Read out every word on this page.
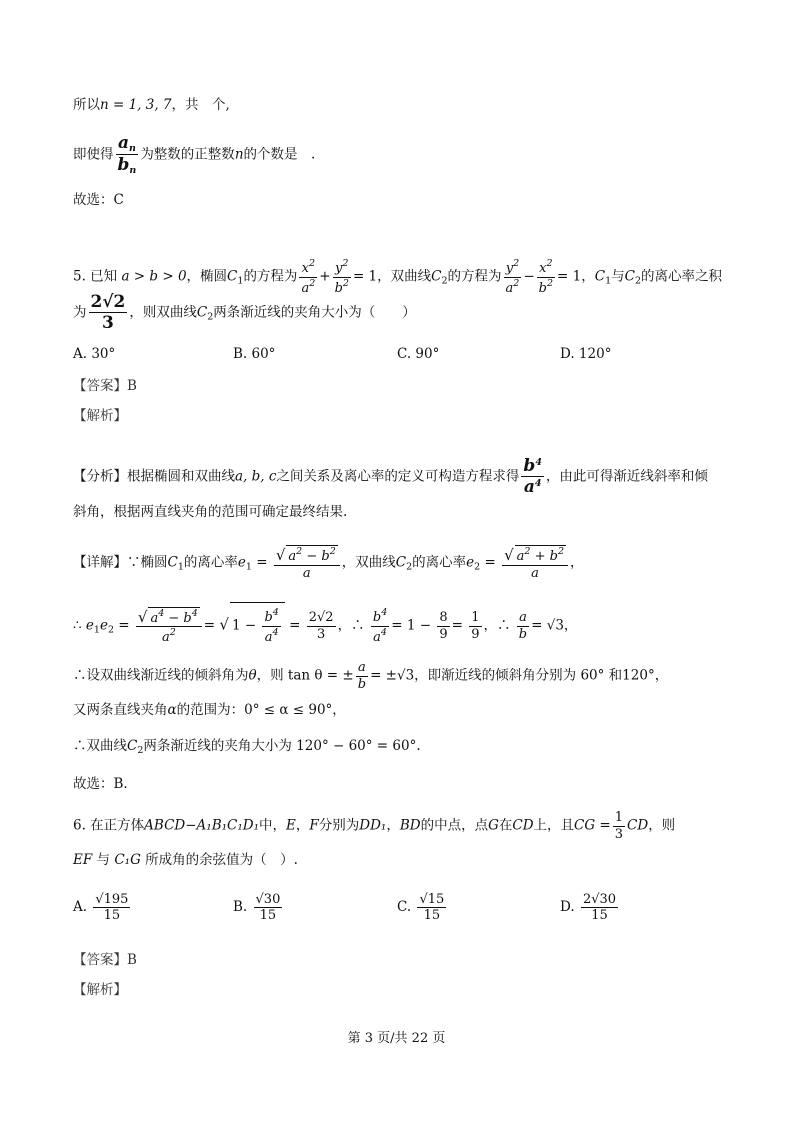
所以n = 1, 3, 7，共　个,
即使得 $\frac{a_n}{b_n}$ 为整数的正整数n的个数是　.
故选：C
5. 已知 a > b > 0，椭圆$C_1$的方程为 $\frac{x^2}{a^2} + \frac{y^2}{b^2} = 1$，双曲线$C_2$的方程为 $\frac{y^2}{a^2} - \frac{x^2}{b^2} = 1$，$C_1$与$C_2$的离心率之积
为 $\frac{2√2}{3}$ ，则双曲线$C_2$两条渐近线的夹角大小为（　　）
A. 30°	B. 60°	C. 90°	D. 120°
【答案】B
【解析】
【分析】根据椭圆和双曲线a, b, c之间关系及离心率的定义可构造方程求得 $\frac{b^4}{a^4}$ ，由此可得渐近线斜率和倾
斜角，根据两直线夹角的范围可确定最终结果.
【详解】∵椭圆$C_1$的离心率$e_1 = \frac{√ a^2 - b^2}{a}$ ，双曲线$C_2$的离心率$e_2 = \frac{√ a^2 + b^2}{a}$ ，
∴ $e_1e_2 = \frac{√ a^4 - b^4}{a^2}$ = √ $1 - \frac{b^4}{a^4} = \frac{2√2}{3}$ ，∴ $\frac{b^4}{a^4} = 1 - \frac{8}{9} = \frac{1}{9}$ ，∴ $\frac{a}{b} = √3$，
∴设双曲线渐近线的倾斜角为θ，则 tan θ = ± $\frac{a}{b} = \pm√3$，即渐近线的倾斜角分别为 60° 和120°，
又两条直线夹角α的范围为：0° ≤ α ≤ 90°，
∴双曲线$C_2$两条渐近线的夹角大小为 120° − 60° = 60°.
故选：B.
6. 在正方体ABCD−A₁B₁C₁D₁中，E，F分别为DD₁，BD的中点，点G在CD上，且CG = $\frac{1}{3}$ CD，则
EF 与 C₁G 所成角的余弦值为（　）.
A. $\frac{√195}{15}$	B. $\frac{√30}{15}$	C. $\frac{√15}{15}$	D. $\frac{2√30}{15}$
【答案】B
【解析】
第 3 页/共 22 页
